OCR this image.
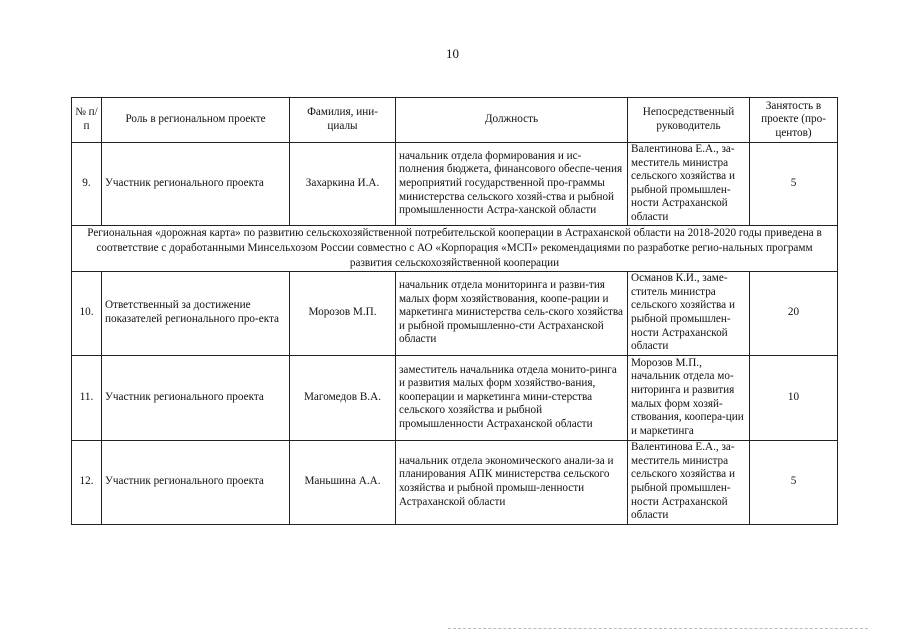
10
№ п/п	Роль в региональном проекте	Фамилия, ини-циалы	Должность	Непосредственный руководитель	Занятость в проекте (про-центов)
9.	Участник регионального проекта	Захаркина И.А.	начальник отдела формирования и ис-полнения бюджета, финансового обеспе-чения мероприятий государственной про-граммы министерства сельского хозяй-ства и рыбной промышленности Астра-ханской области	Валентинова Е.А., за-меститель министра сельского хозяйства и рыбной промышлен-ности Астраханской области	5
Региональная «дорожная карта» по развитию сельскохозяйственной потребительской кооперации в Астраханской области на 2018-2020 годы приведена в соответствие с доработанными Минсельхозом России совместно с АО «Корпорация «МСП» рекомендациями по разработке регио-нальных программ развития сельскохозяйственной кооперации					
10.	Ответственный за достижение показателей регионального про-екта	Морозов М.П.	начальник отдела мониторинга и разви-тия малых форм хозяйствования, коопе-рации и маркетинга министерства сель-ского хозяйства и рыбной промышленно-сти Астраханской области	Османов К.И., заме-ститель министра сельского хозяйства и рыбной промышлен-ности Астраханской области	20
11.	Участник регионального проекта	Магомедов В.А.	заместитель начальника отдела монито-ринга и развития малых форм хозяйство-вания, кооперации и маркетинга мини-стерства сельского хозяйства и рыбной промышленности Астраханской области	Морозов М.П., начальник отдела мо-ниторинга и развития малых форм хозяй-ствования, коопера-ции и маркетинга	10
12.	Участник регионального проекта	Маньшина А.А.	начальник отдела экономического анали-за и планирования АПК министерства сельского хозяйства и рыбной промыш-ленности Астраханской области	Валентинова Е.А., за-меститель министра сельского хозяйства и рыбной промышлен-ности Астраханской области	5
